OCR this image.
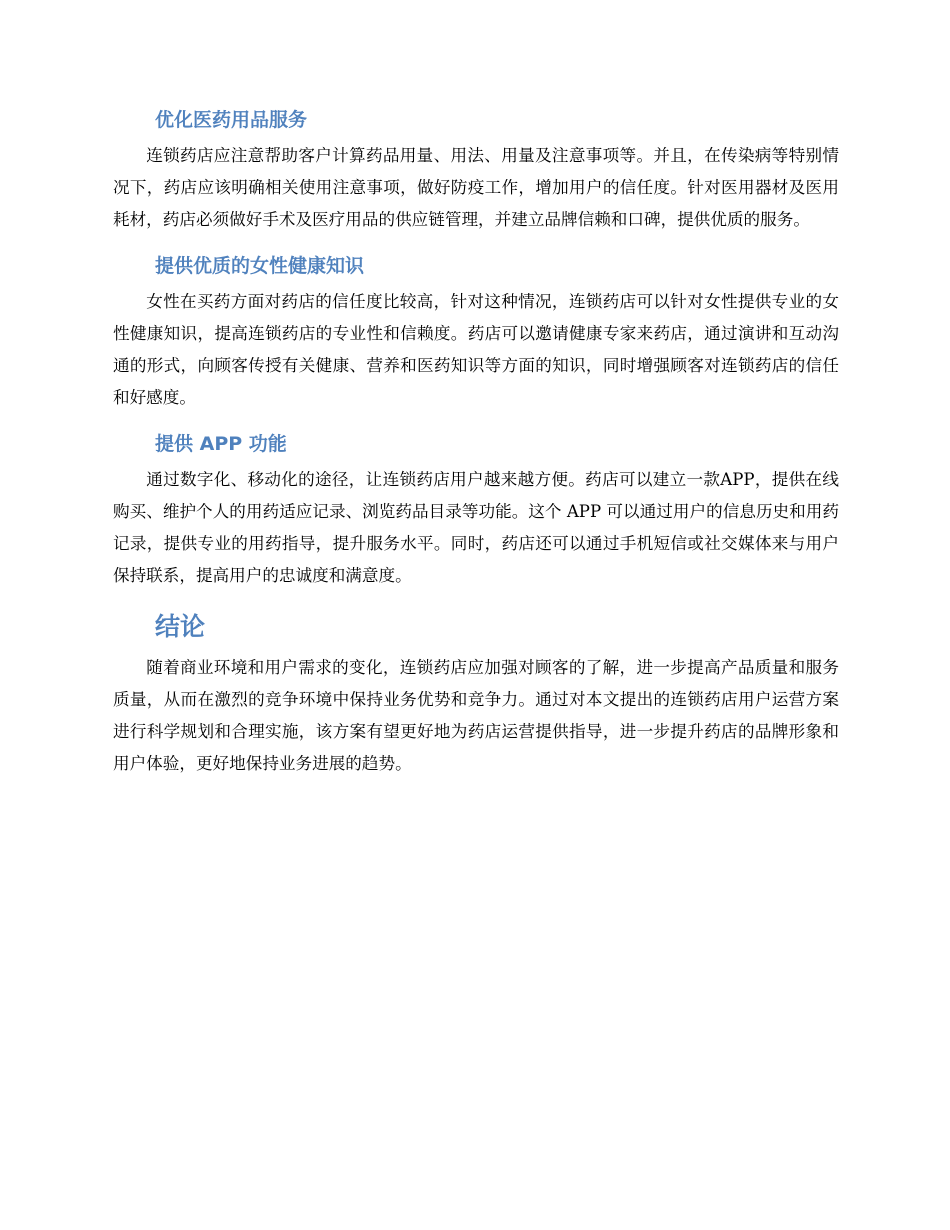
优化医药用品服务

连锁药店应注意帮助客户计算药品用量、用法、用量及注意事项等。并且，在传染病等特别情况下，药店应该明确相关使用注意事项，做好防疫工作，增加用户的信任度。针对医用器材及医用耗材，药店必须做好手术及医疗用品的供应链管理，并建立品牌信赖和口碑，提供优质的服务。

提供优质的女性健康知识

女性在买药方面对药店的信任度比较高，针对这种情况，连锁药店可以针对女性提供专业的女性健康知识，提高连锁药店的专业性和信赖度。药店可以邀请健康专家来药店，通过演讲和互动沟通的形式，向顾客传授有关健康、营养和医药知识等方面的知识，同时增强顾客对连锁药店的信任和好感度。

提供 APP 功能

通过数字化、移动化的途径，让连锁药店用户越来越方便。药店可以建立一款APP，提供在线购买、维护个人的用药适应记录、浏览药品目录等功能。这个 APP 可以通过用户的信息历史和用药记录，提供专业的用药指导，提升服务水平。同时，药店还可以通过手机短信或社交媒体来与用户保持联系，提高用户的忠诚度和满意度。

结论

随着商业环境和用户需求的变化，连锁药店应加强对顾客的了解，进一步提高产品质量和服务质量，从而在激烈的竞争环境中保持业务优势和竞争力。通过对本文提出的连锁药店用户运营方案进行科学规划和合理实施，该方案有望更好地为药店运营提供指导，进一步提升药店的品牌形象和用户体验，更好地保持业务进展的趋势。
